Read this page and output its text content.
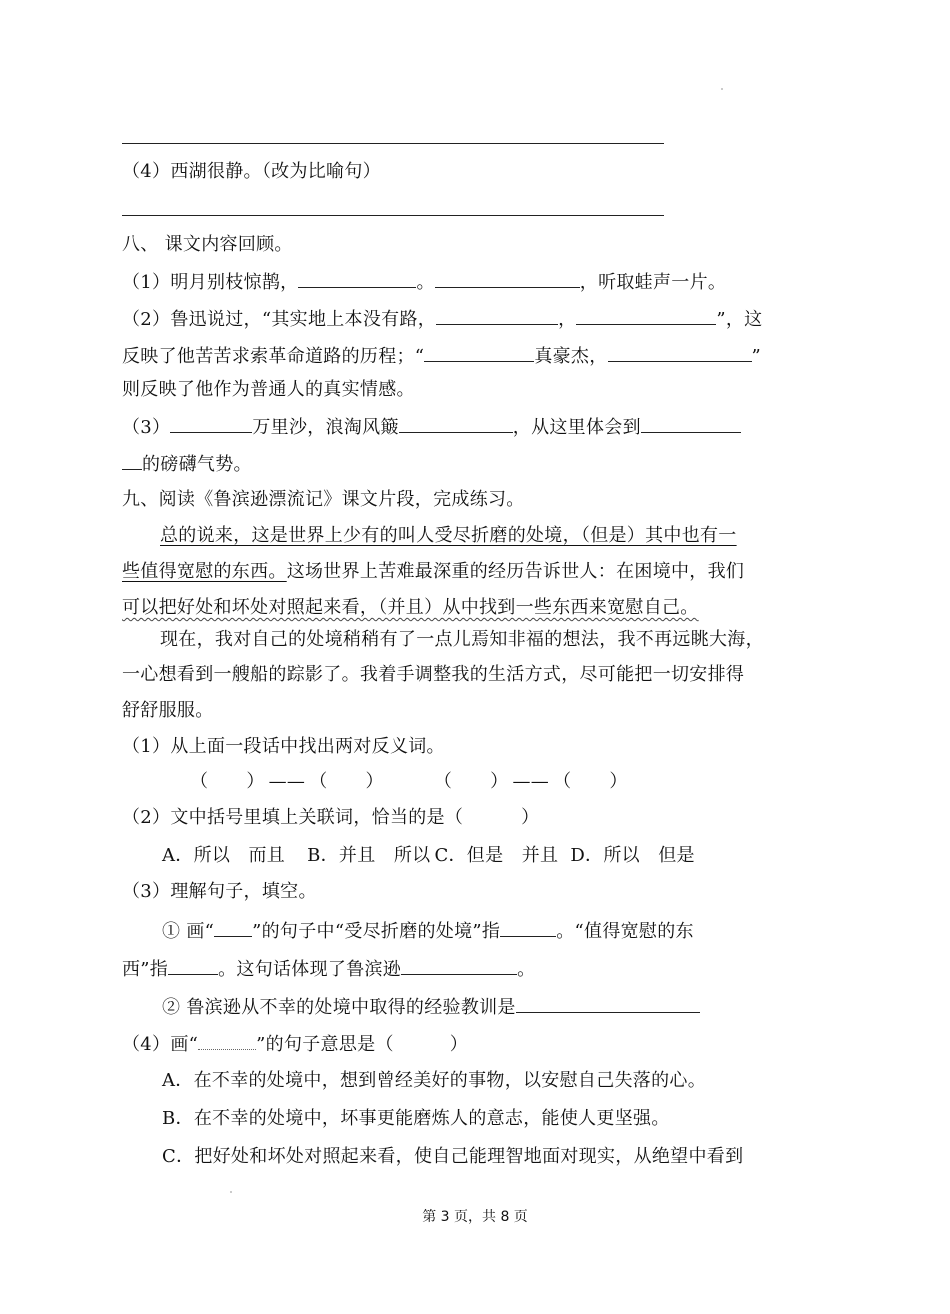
（4）西湖很静。（改为比喻句）
八、 课文内容回顾。
（1）明月别枝惊鹊，	。	，听取蛙声一片。
（2）鲁迅说过，“其实地上本没有路，	，	”，这
反映了他苦苦求索革命道路的历程；“	真豪杰，	”
则反映了他作为普通人的真实情感。
（3）	万里沙，浪淘风簸	，从这里体会到
的磅礴气势。
九、阅读《鲁滨逊漂流记》课文片段，完成练习。
总的说来，这是世界上少有的叫人受尽折磨的处境，（但是）其中也有一
些值得宽慰的东西。这场世界上苦难最深重的经历告诉世人：在困境中，我们
可以把好处和坏处对照起来看，（并且）从中找到一些东西来宽慰自己。
现在，我对自己的处境稍稍有了一点儿焉知非福的想法，我不再远眺大海，
一心想看到一艘船的踪影了。我着手调整我的生活方式，尽可能把一切安排得
舒舒服服。
（1）从上面一段话中找出两对反义词。
（ ） —— （ ）	（ ） —— （ ）
（2）文中括号里填上关联词，恰当的是（	）
A．所以　而且 B．并且　所以 C．但是　并且 D．所以　但是
（3）理解句子，填空。
① 画“ ”的句子中“受尽折磨的处境”指	。“值得宽慰的东
西”指	。这句话体现了鲁滨逊	。
② 鲁滨逊从不幸的处境中取得的经验教训是
（4）画“	”的句子意思是（	）
A．在不幸的处境中，想到曾经美好的事物，以安慰自己失落的心。
B．在不幸的处境中，坏事更能磨炼人的意志，能使人更坚强。
C．把好处和坏处对照起来看，使自己能理智地面对现实，从绝望中看到
第 3 页，共 8 页
